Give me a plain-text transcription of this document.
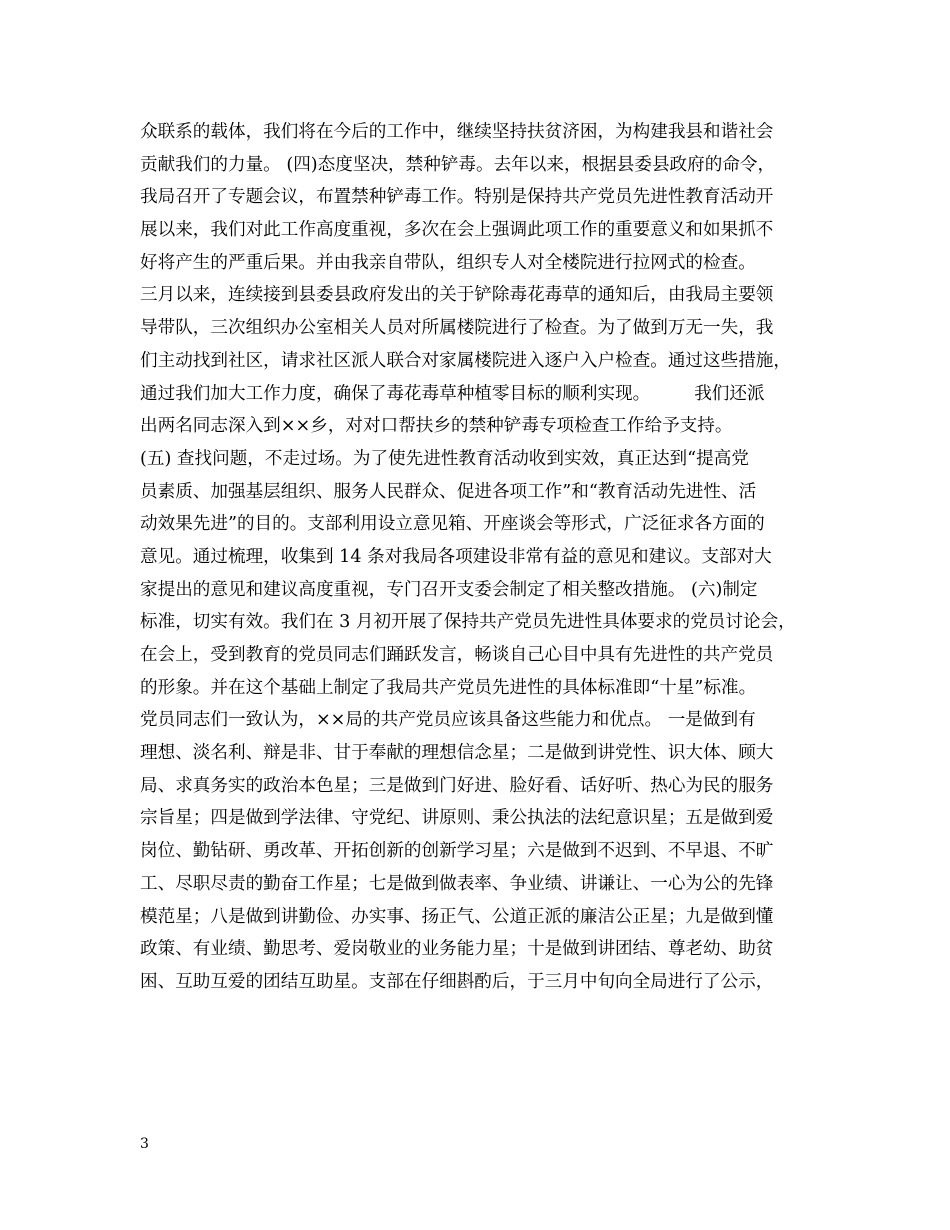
众联系的载体，我们将在今后的工作中，继续坚持扶贫济困，为构建我县和谐社会
贡献我们的力量。 (四)态度坚决，禁种铲毒。去年以来，根据县委县政府的命令，
我局召开了专题会议，布置禁种铲毒工作。特别是保持共产党员先进性教育活动开
展以来，我们对此工作高度重视，多次在会上强调此项工作的重要意义和如果抓不
好将产生的严重后果。并由我亲自带队，组织专人对全楼院进行拉网式的检查。
三月以来，连续接到县委县政府发出的关于铲除毒花毒草的通知后，由我局主要领
导带队，三次组织办公室相关人员对所属楼院进行了检查。为了做到万无一失，我
们主动找到社区，请求社区派人联合对家属楼院进入逐户入户检查。通过这些措施，
通过我们加大工作力度，确保了毒花毒草种植零目标的顺利实现。　　　我们还派
出两名同志深入到××乡，对对口帮扶乡的禁种铲毒专项检查工作给予支持。
(五) 查找问题，不走过场。为了使先进性教育活动收到实效，真正达到“提高党
员素质、加强基层组织、服务人民群众、促进各项工作”和“教育活动先进性、活
动效果先进”的目的。支部利用设立意见箱、开座谈会等形式，广泛征求各方面的
意见。通过梳理，收集到 14 条对我局各项建设非常有益的意见和建议。支部对大
家提出的意见和建议高度重视，专门召开支委会制定了相关整改措施。 (六)制定
标准，切实有效。我们在 3 月初开展了保持共产党员先进性具体要求的党员讨论会，
在会上，受到教育的党员同志们踊跃发言，畅谈自己心目中具有先进性的共产党员
的形象。并在这个基础上制定了我局共产党员先进性的具体标准即“十星”标准。
党员同志们一致认为，××局的共产党员应该具备这些能力和优点。 一是做到有
理想、淡名利、辩是非、甘于奉献的理想信念星；二是做到讲党性、识大体、顾大
局、求真务实的政治本色星；三是做到门好进、脸好看、话好听、热心为民的服务
宗旨星；四是做到学法律、守党纪、讲原则、秉公执法的法纪意识星；五是做到爱
岗位、勤钻研、勇改革、开拓创新的创新学习星；六是做到不迟到、不早退、不旷
工、尽职尽责的勤奋工作星；七是做到做表率、争业绩、讲谦让、一心为公的先锋
模范星；八是做到讲勤俭、办实事、扬正气、公道正派的廉洁公正星；九是做到懂
政策、有业绩、勤思考、爱岗敬业的业务能力星；十是做到讲团结、尊老幼、助贫
困、互助互爱的团结互助星。支部在仔细斟酌后，于三月中旬向全局进行了公示，
3
